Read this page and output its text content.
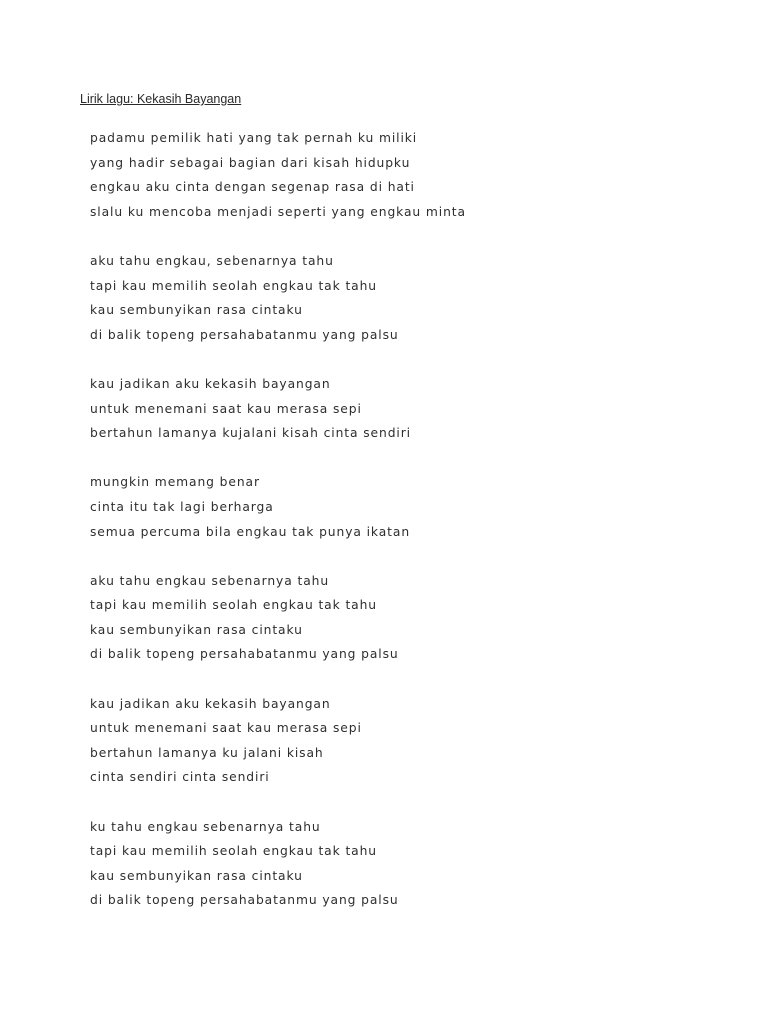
Lirik lagu: Kekasih Bayangan
padamu pemilik hati yang tak pernah ku miliki
yang hadir sebagai bagian dari kisah hidupku
engkau aku cinta dengan segenap rasa di hati
slalu ku mencoba menjadi seperti yang engkau minta
aku tahu engkau, sebenarnya tahu
tapi kau memilih seolah engkau tak tahu
kau sembunyikan rasa cintaku
di balik topeng persahabatanmu yang palsu
kau jadikan aku kekasih bayangan
untuk menemani saat kau merasa sepi
bertahun lamanya kujalani kisah cinta sendiri
mungkin memang benar
cinta itu tak lagi berharga
semua percuma bila engkau tak punya ikatan
aku tahu engkau sebenarnya tahu
tapi kau memilih seolah engkau tak tahu
kau sembunyikan rasa cintaku
di balik topeng persahabatanmu yang palsu
kau jadikan aku kekasih bayangan
untuk menemani saat kau merasa sepi
bertahun lamanya ku jalani kisah
cinta sendiri cinta sendiri
ku tahu engkau sebenarnya tahu
tapi kau memilih seolah engkau tak tahu
kau sembunyikan rasa cintaku
di balik topeng persahabatanmu yang palsu
